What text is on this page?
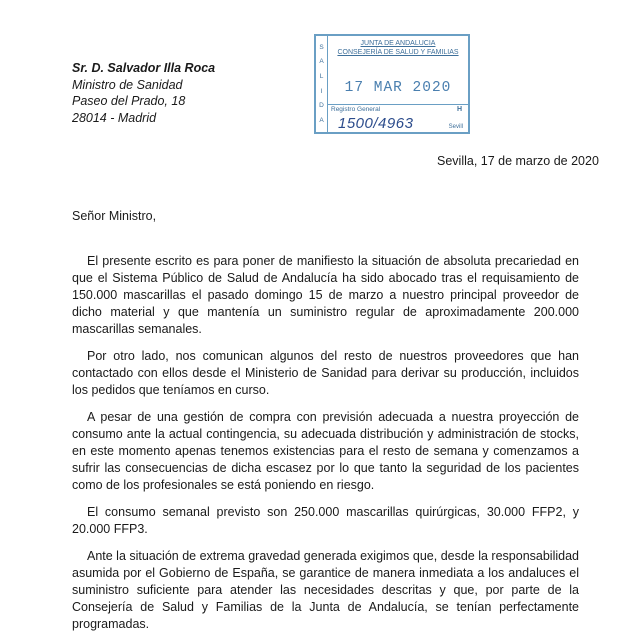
Sr. D. Salvador Illa Roca
Ministro de Sanidad
Paseo del Prado, 18
28014 - Madrid
S
A
L
I
D
A
JUNTA DE ANDALUCIA
CONSEJERÍA DE SALUD Y FAMILIAS
17 MAR 2020
Registro General	H
1500/4963	Sevill
Sevilla, 17 de marzo de 2020
Señor Ministro,

El presente escrito es para poner de manifiesto la situación de absoluta precariedad en que el Sistema Público de Salud de Andalucía ha sido abocado tras el requisamiento de 150.000 mascarillas el pasado domingo 15 de marzo a nuestro principal proveedor de dicho material y que mantenía un suministro regular de aproximadamente 200.000 mascarillas semanales.

Por otro lado, nos comunican algunos del resto de nuestros proveedores que han contactado con ellos desde el Ministerio de Sanidad para derivar su producción, incluidos los pedidos que teníamos en curso.

A pesar de una gestión de compra con previsión adecuada a nuestra proyección de consumo ante la actual contingencia, su adecuada distribución y administración de stocks, en este momento apenas tenemos existencias para el resto de semana y comenzamos a sufrir las consecuencias de dicha escasez por lo que tanto la seguridad de los pacientes como de los profesionales se está poniendo en riesgo.

El consumo semanal previsto son 250.000 mascarillas quirúrgicas, 30.000 FFP2, y 20.000 FFP3.

Ante la situación de extrema gravedad generada exigimos que, desde la responsabilidad asumida por el Gobierno de España, se garantice de manera inmediata a los andaluces el suministro suficiente para atender las necesidades descritas y que, por parte de la Consejería de Salud y Familias de la Junta de Andalucía, se tenían perfectamente programadas.
